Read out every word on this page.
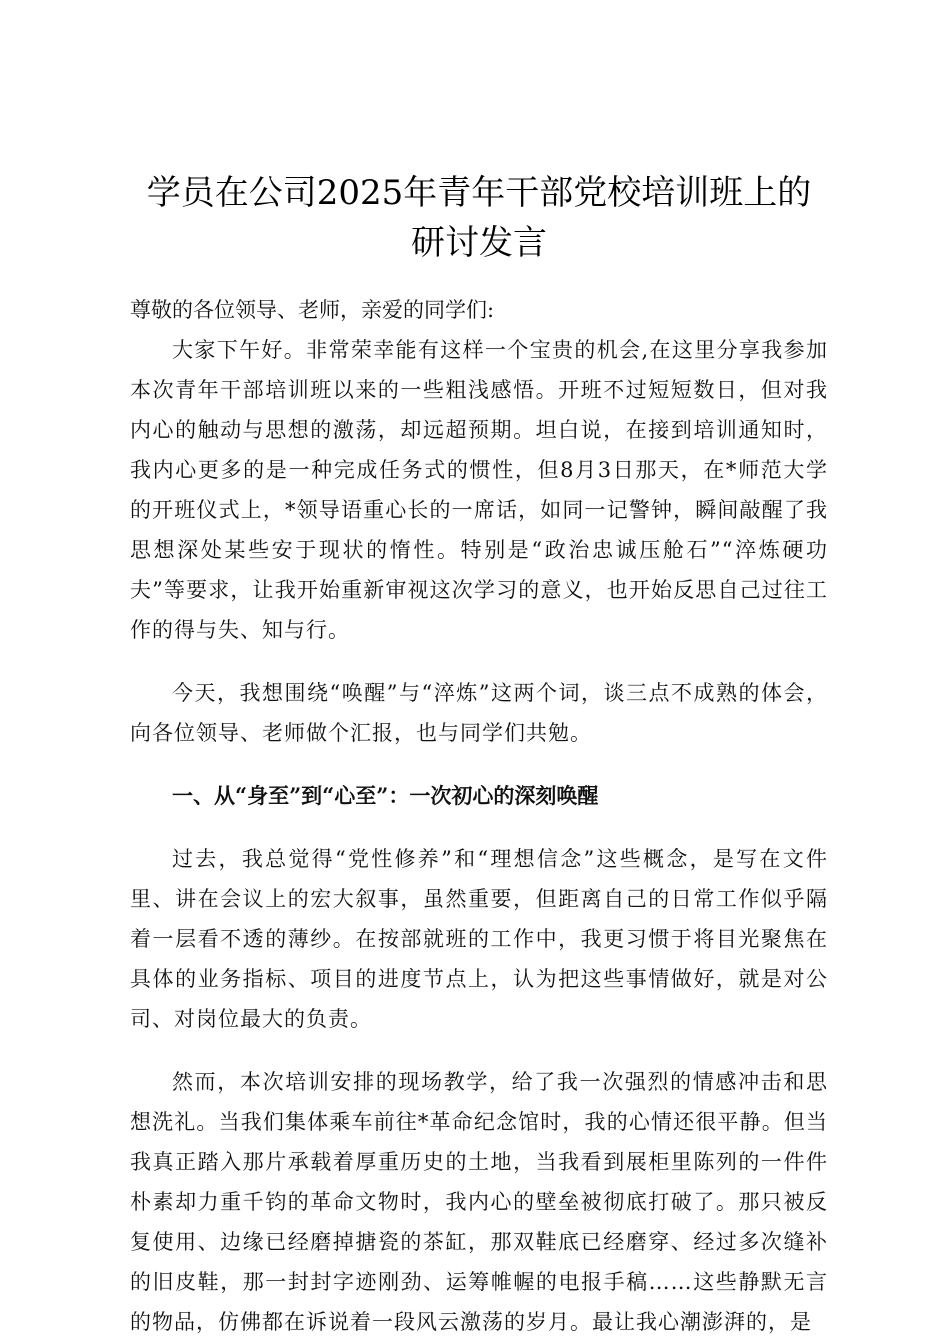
学员在公司2025年青年干部党校培训班上的
研讨发言

尊敬的各位领导、老师，亲爱的同学们:

大家下午好。非常荣幸能有这样一个宝贵的机会,在这里分享我参加本次青年干部培训班以来的一些粗浅感悟。开班不过短短数日，但对我内心的触动与思想的激荡，却远超预期。坦白说，在接到培训通知时，我内心更多的是一种完成任务式的惯性，但8月3日那天，在*师范大学的开班仪式上，*领导语重心长的一席话，如同一记警钟，瞬间敲醒了我思想深处某些安于现状的惰性。特别是“政治忠诚压舱石”“淬炼硬功夫”等要求，让我开始重新审视这次学习的意义，也开始反思自己过往工作的得与失、知与行。

今天，我想围绕“唤醒”与“淬炼”这两个词，谈三点不成熟的体会，向各位领导、老师做个汇报，也与同学们共勉。

一、从“身至”到“心至”：一次初心的深刻唤醒

过去，我总觉得“党性修养”和“理想信念”这些概念，是写在文件里、讲在会议上的宏大叙事，虽然重要，但距离自己的日常工作似乎隔着一层看不透的薄纱。在按部就班的工作中，我更习惯于将目光聚焦在具体的业务指标、项目的进度节点上，认为把这些事情做好，就是对公司、对岗位最大的负责。

然而，本次培训安排的现场教学，给了我一次强烈的情感冲击和思想洗礼。当我们集体乘车前往*革命纪念馆时，我的心情还很平静。但当我真正踏入那片承载着厚重历史的土地，当我看到展柜里陈列的一件件朴素却力重千钧的革命文物时，我内心的壁垒被彻底打破了。那只被反复使用、边缘已经磨掉搪瓷的茶缸，那双鞋底已经磨穿、经过多次缝补的旧皮鞋，那一封封字迹刚劲、运筹帷幄的电报手稿……这些静默无言的物品，仿佛都在诉说着一段风云激荡的岁月。最让我心潮澎湃的，是
